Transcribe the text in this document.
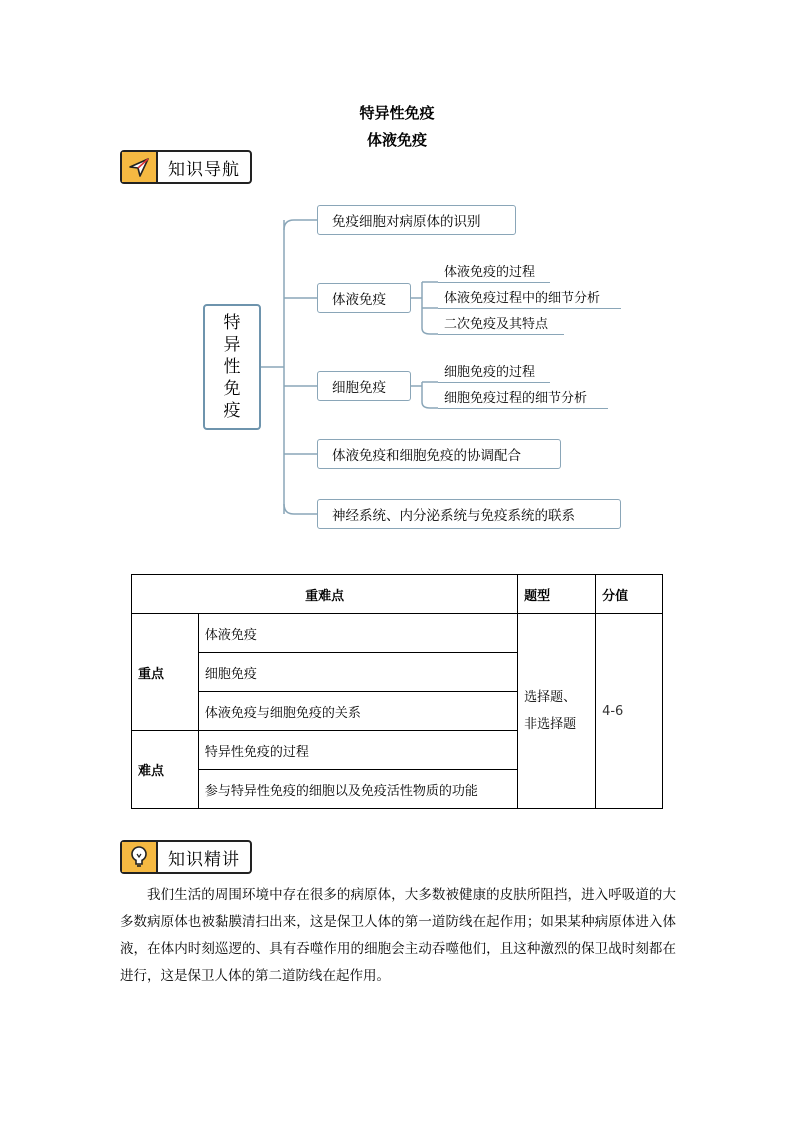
特异性免疫
体液免疫
知识导航
特
异
性
免
疫
免疫细胞对病原体的识别
体液免疫
细胞免疫
体液免疫和细胞免疫的协调配合
神经系统、内分泌系统与免疫系统的联系
体液免疫的过程
体液免疫过程中的细节分析
二次免疫及其特点
细胞免疫的过程
细胞免疫过程的细节分析
重难点		题型	分值
重点	体液免疫	选择题、非选择题	4-6
	细胞免疫		
	体液免疫与细胞免疫的关系		
难点	特异性免疫的过程		
	参与特异性免疫的细胞以及免疫活性物质的功能		
知识精讲
我们生活的周围环境中存在很多的病原体，大多数被健康的皮肤所阻挡，进入呼吸道的大多数病原体也被黏膜清扫出来，这是保卫人体的第一道防线在起作用；如果某种病原体进入体液，在体内时刻巡逻的、具有吞噬作用的细胞会主动吞噬他们，且这种激烈的保卫战时刻都在进行，这是保卫人体的第二道防线在起作用。
